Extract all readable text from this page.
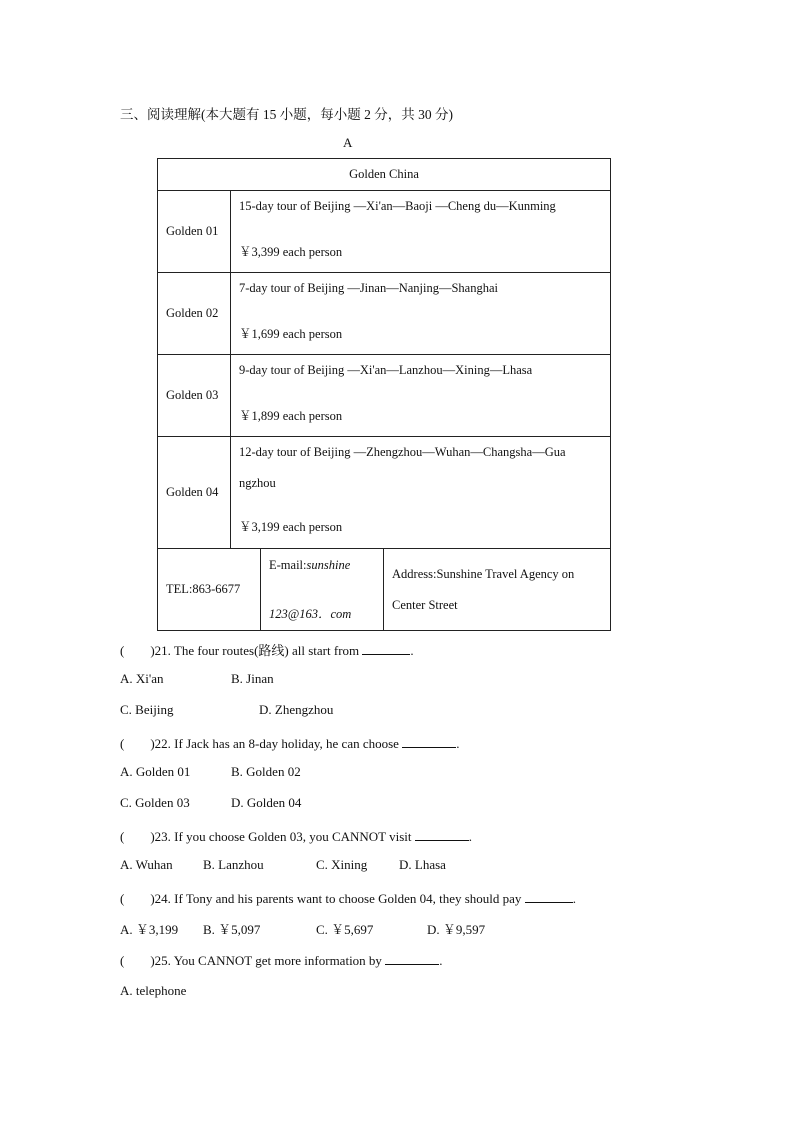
三、阅读理解(本大题有 15 小题，每小题 2 分，共 30 分)
A
Golden China	
Golden 01	15-day tour of Beijing —Xi'an—Baoji —Cheng du—Kunming
￥3,399 each person

Golden 02	7-day tour of Beijing —Jinan—Nanjing—Shanghai
￥1,699 each person

Golden 03	9-day tour of Beijing —Xi'an—Lanzhou—Xining—Lhasa
￥1,899 each person

Golden 04	12-day tour of Beijing —Zhengzhou—Wuhan—Changsha—Gua
ngzhou
￥3,199 each person
TEL:863-6677	
E-mail:sunshine
123@163．com

Address:Sunshine Travel Agency on
Center Street
(　　)21. The four routes(路线) all start from	.
A. Xi'an	B. Jinan
C. Beijing	D. Zhengzhou
(　　)22. If Jack has an 8-day holiday, he can choose	.
A. Golden 01	B. Golden 02
C. Golden 03	D. Golden 04
(　　)23. If you choose Golden 03, you CANNOT visit	.
A. Wuhan B. Lanzhou	C. Xining D. Lhasa
(　　)24. If Tony and his parents want to choose Golden 04, they should pay	.
A. ￥3,199 B. ￥5,097	C. ￥5,697	D. ￥9,597
(　　)25. You CANNOT get more information by	.
A. telephone
